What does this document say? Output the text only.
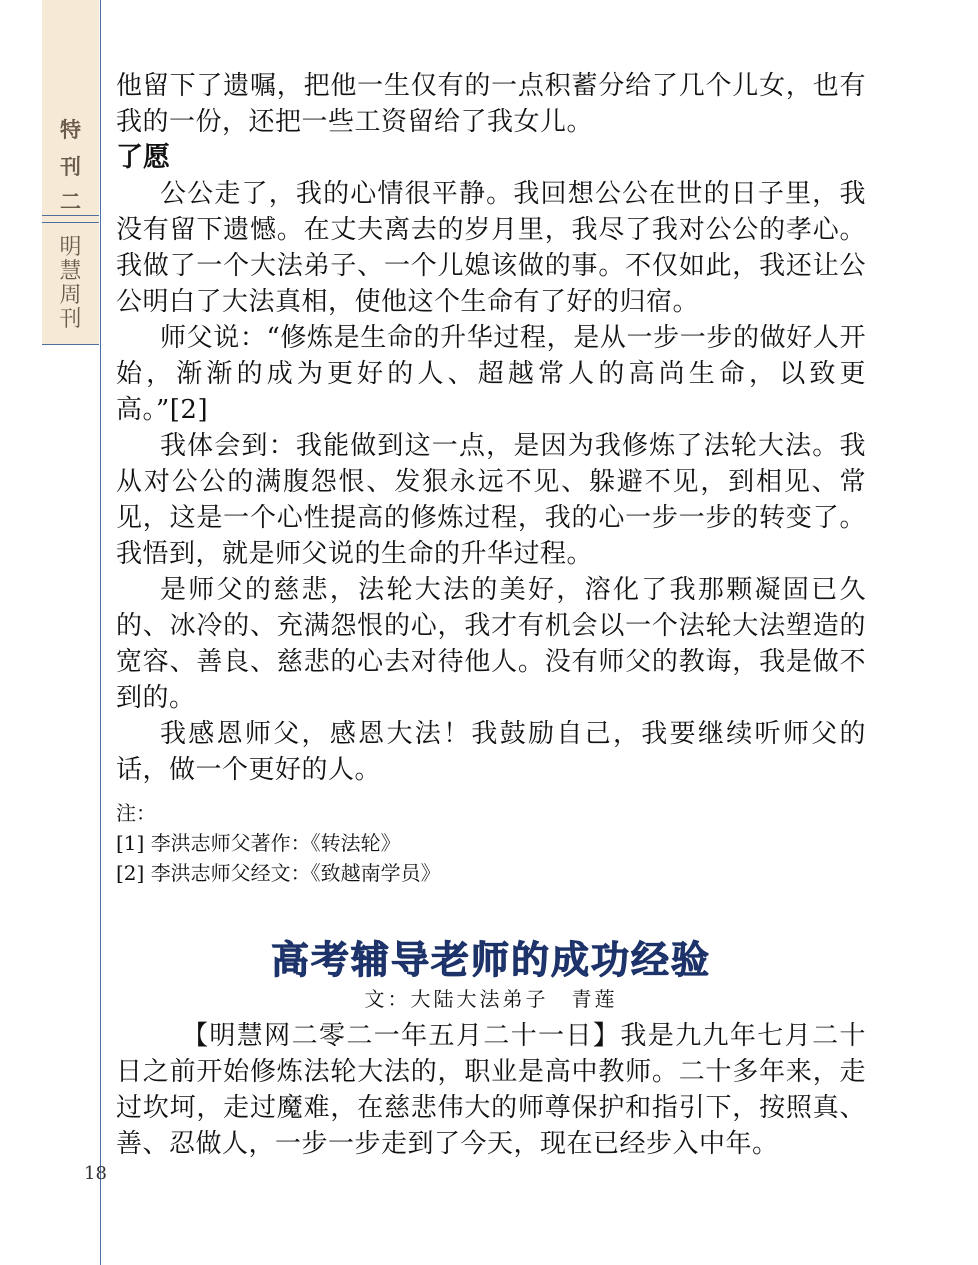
特
刊
二
明
慧
周
刊

他留下了遗嘱，把他一生仅有的一点积蓄分给了几个儿女，也有我的一份，还把一些工资留给了我女儿。

了愿

公公走了，我的心情很平静。我回想公公在世的日子里，我没有留下遗憾。在丈夫离去的岁月里，我尽了我对公公的孝心。我做了一个大法弟子、一个儿媳该做的事。不仅如此，我还让公公明白了大法真相，使他这个生命有了好的归宿。

师父说：“修炼是生命的升华过程，是从一步一步的做好人开始，渐渐的成为更好的人、超越常人的高尚生命，以致更高。”[2]

我体会到：我能做到这一点，是因为我修炼了法轮大法。我从对公公的满腹怨恨、发狠永远不见、躲避不见，到相见、常见，这是一个心性提高的修炼过程，我的心一步一步的转变了。我悟到，就是师父说的生命的升华过程。

是师父的慈悲，法轮大法的美好，溶化了我那颗凝固已久的、冰冷的、充满怨恨的心，我才有机会以一个法轮大法塑造的宽容、善良、慈悲的心去对待他人。没有师父的教诲，我是做不到的。

我感恩师父，感恩大法！我鼓励自己，我要继续听师父的话，做一个更好的人。

注：

[1] 李洪志师父著作：《转法轮》

[2] 李洪志师父经文：《致越南学员》

高考辅导老师的成功经验

文：大陆大法弟子　青莲

【明慧网二零二一年五月二十一日】我是九九年七月二十日之前开始修炼法轮大法的，职业是高中教师。二十多年来，走过坎坷，走过魔难，在慈悲伟大的师尊保护和指引下，按照真、善、忍做人，一步一步走到了今天，现在已经步入中年。

18
